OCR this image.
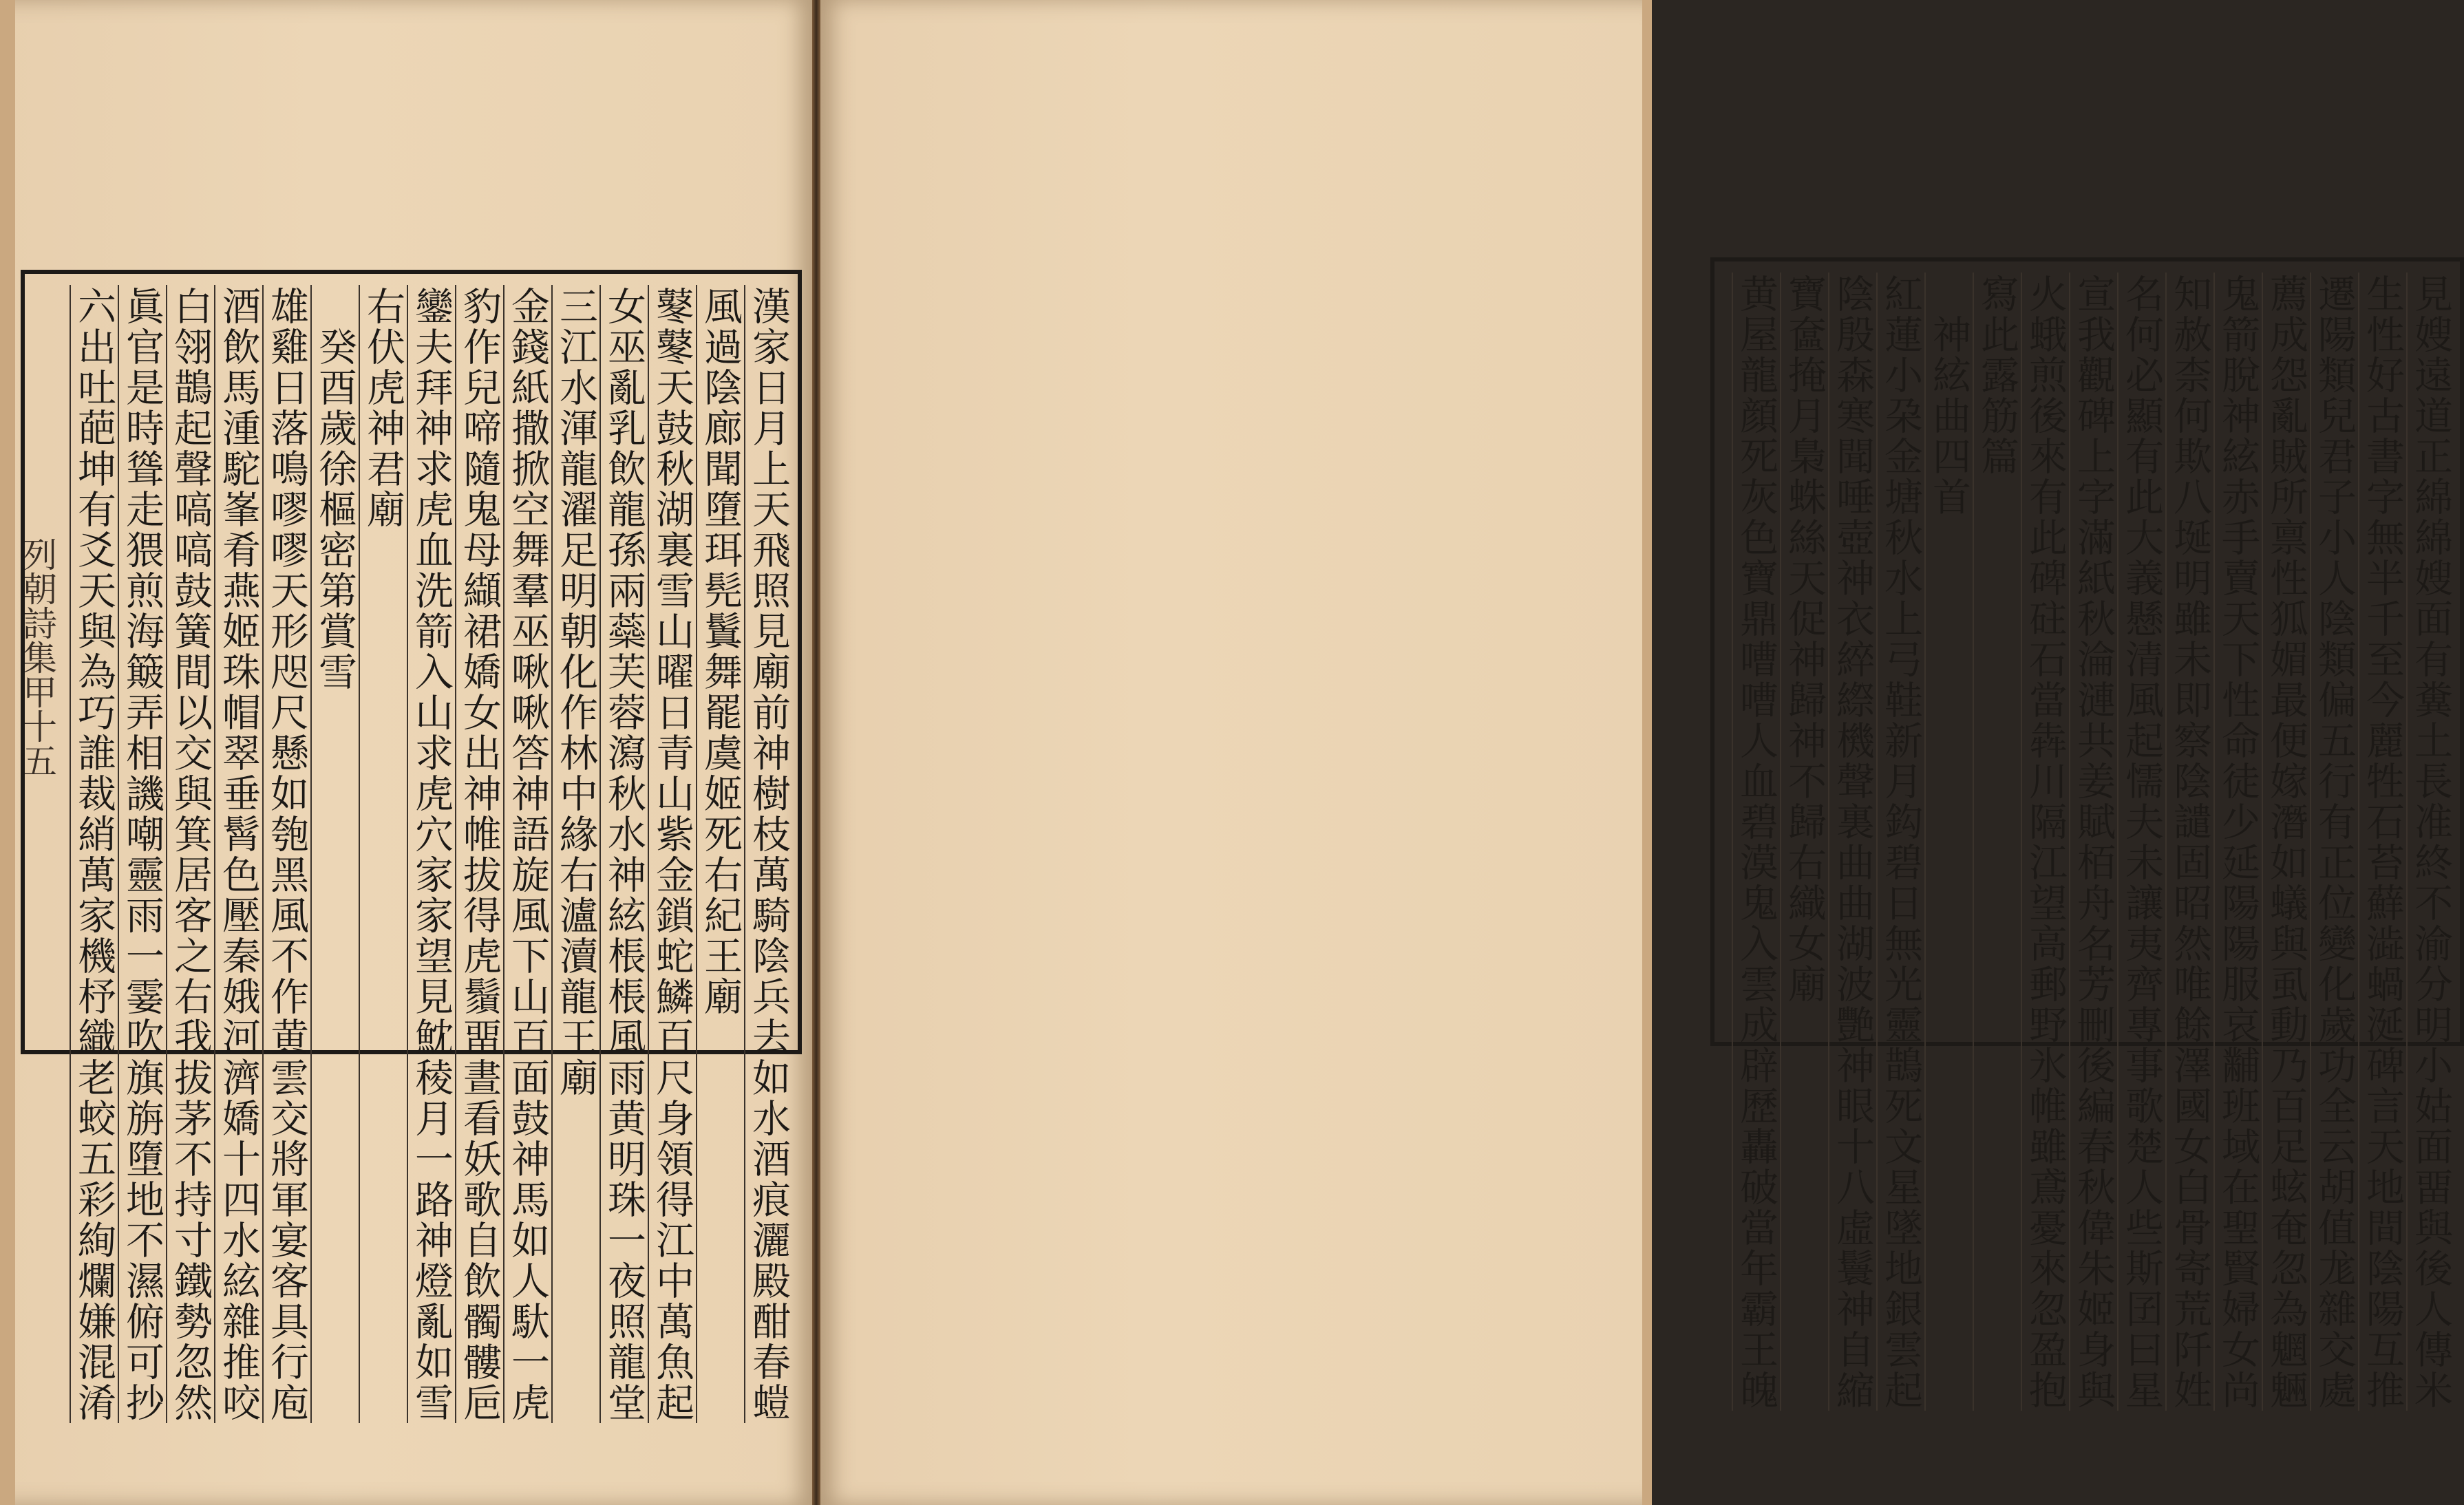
列朝詩集甲十五	漢家日月上天飛照見廟前神樹枝萬騎陰兵去如水酒痕灑殿酣春螘
風過陰廊聞墮珥髡鬒舞罷虞姬死右紀王廟
鼕鼕天鼓秋湖裏雪山曜日青山紫金鎖蛇鱗百尺身領得江中萬魚起
女巫亂乳飲龍孫兩蘂芙蓉瀉秋水神絃棖棖風雨黄明珠一夜照龍堂
三江水渾龍濯足明朝化作林中緣右瀘瀆龍王廟
金錢紙撒掀空舞羣巫啾啾答神語旋風下山百面鼓神馬如人馱一虎
豹作兒啼隨鬼母纈裙嬌女出神帷拔得虎鬚畱晝看妖歌自飲髑髏巵
鑾夫拜神求虎血洗箭入山求虎穴家家望見魫稜月一路神燈亂如雪
右伏虎神君廟
　癸酉歲徐樞密第賞雪
雄雞日落鳴嘐嘐天形咫尺懸如匏黑風不作黄雲交將軍宴客具行庖
酒飲馬湩駝峯肴燕姬珠帽翠垂髾色壓秦娥河濟嬌十四水絃雜推咬
白翎鵲起聲嗃嗃鼓簧間以交與箕居客之右我拔茅不持寸鐵勢忽然
眞官是時聳走猥煎海簸弄相譏嘲靈雨一霎吹旗旃墮地不濕俯可抄
六出吐葩坤有爻天與為巧誰裁綃萬家機杼織老蛟五彩絢爛嫌混淆
見嫂遠道正綿綿嫂面有糞土長准終不渝分明小姑面畱與後人傳米
生性好古書字無半千至今麗牲石苔蘚澁蝸涎碑言天地間陰陽互推
遷陽類兒君子小人陰類偏五行有正位變化歲功全云胡值尨雜交處
薦成怨亂賊所禀性狐媚最便嫁潛如蟻與虱動乃百足蚿奄忽為魍魎
鬼箭脫神絃赤手賣天下性命徒少延陽陽服哀黼班域在聖賢婦女尚
知赦柰何欺八埏明雖未即察陰譴固昭然唯餘澤國女白骨寄荒阡姓
名何必顯有此大義懸清風起懦夫未讓夷齊專事歌楚人些斯囝曰星
宣我觀碑上字滿紙秋淪漣共姜賦栢舟名芳刪後編春秋偉朱姬身與
火蛾煎後來有此碑砫石當犇川隔江望高郵野氷帷雖鳶憂來忽盈抱
寫此露筋篇
　神絃曲四首
紅蓮小朶金塘秋水上弓鞋新月鈎碧日無光靈鵲死文星墜地銀雲起
陰殷森寒聞唾壺神衣綷縩機聲裏曲曲湖波艷神眼十八虛鬟神自縮
寶奩掩月梟蛛絲天促神歸神不歸右織女廟
黄屋龍顔死灰色寶鼎嘈嘈人血碧漠鬼入雲成辟歷轟破當年霸王魄
